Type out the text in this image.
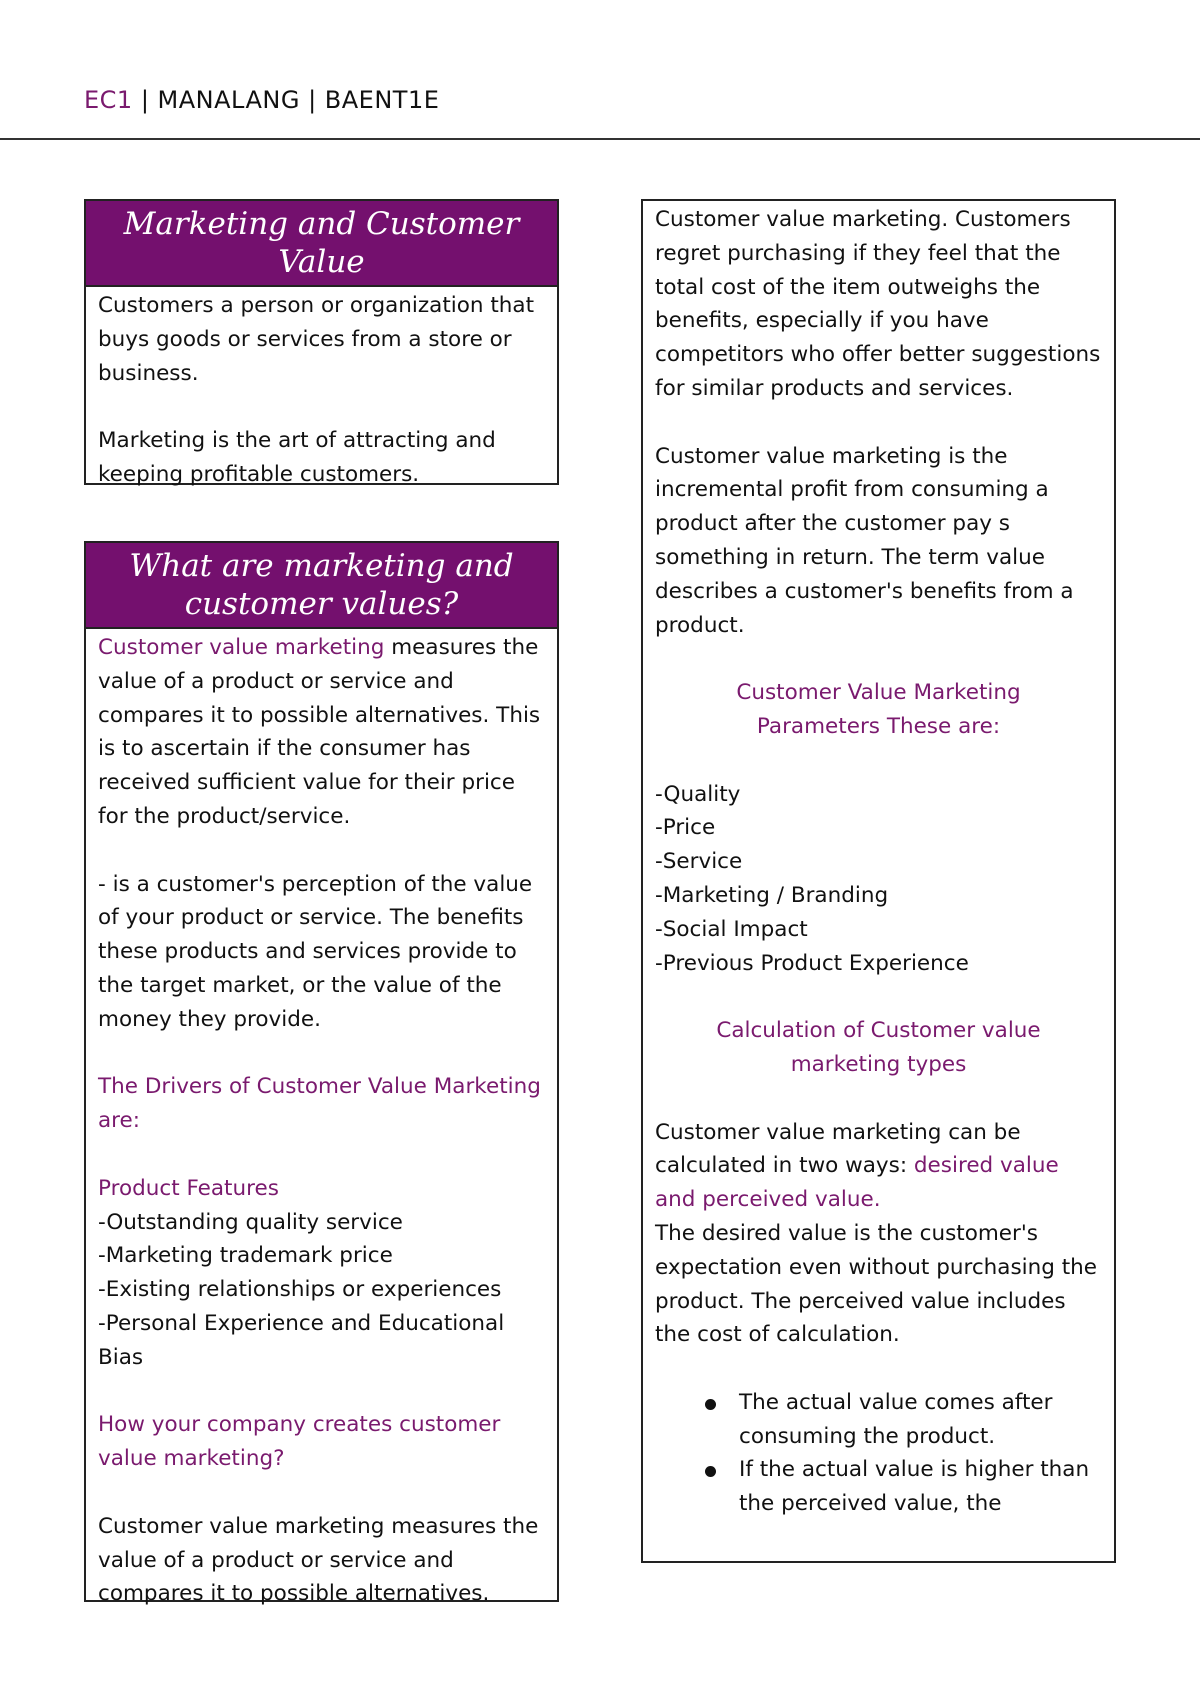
EC1 | MANALANG | BAENT1E
Marketing and Customer Value

Customers a person or organization that buys goods or services from a store or business.

Marketing is the art of attracting and keeping profitable customers.

What are marketing and customer values?

Customer value marketing measures the value of a product or service and compares it to possible alternatives. This is to ascertain if the consumer has received sufficient value for their price for the product/service.

- is a customer's perception of the value of your product or service. The benefits these products and services provide to the target market, or the value of the money they provide.

The Drivers of Customer Value Marketing are:

Product Features

-Outstanding quality service
-Marketing trademark price
-Existing relationships or experiences
-Personal Experience and Educational Bias

How your company creates customer value marketing?

Customer value marketing measures the value of a product or service and compares it to possible alternatives.

Customer value marketing. Customers regret purchasing if they feel that the total cost of the item outweighs the benefits, especially if you have competitors who offer better suggestions for similar products and services.

Customer value marketing is the incremental profit from consuming a product after the customer pay s something in return. The term value describes a customer's benefits from a product.

Customer Value Marketing Parameters These are:

-Quality
-Price
-Service
-Marketing / Branding
-Social Impact
-Previous Product Experience

Calculation of Customer value marketing types

Customer value marketing can be calculated in two ways: desired value and perceived value.

The desired value is the customer's expectation even without purchasing the product. The perceived value includes the cost of calculation.

The actual value comes after consuming the product.
If the actual value is higher than the perceived value, the
